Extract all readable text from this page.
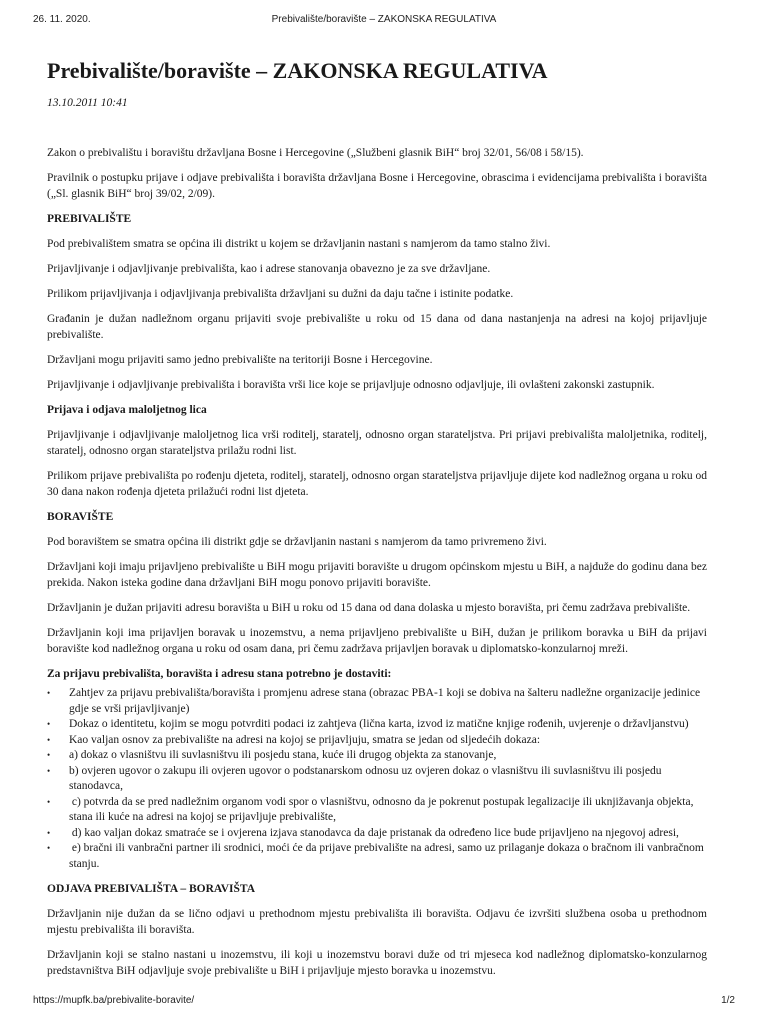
26. 11. 2020.	Prebivalište/boravište – ZAKONSKA REGULATIVA
Prebivalište/boravište – ZAKONSKA REGULATIVA
13.10.2011 10:41

Zakon o prebivalištu i boravištu državljana Bosne i Hercegovine („Službeni glasnik BiH“ broj 32/01, 56/08 i 58/15).

Pravilnik o postupku prijave i odjave prebivališta i boravišta državljana Bosne i Hercegovine, obrascima i evidencijama prebivališta i boravišta („Sl. glasnik BiH“ broj 39/02, 2/09).

PREBIVALIŠTE

Pod prebivalištem smatra se općina ili distrikt u kojem se državljanin nastani s namjerom da tamo stalno živi.

Prijavljivanje i odjavljivanje prebivališta, kao i adrese stanovanja obavezno je za sve državljane.

Prilikom prijavljivanja i odjavljivanja prebivališta državljani su dužni da daju tačne i istinite podatke.

Građanin je dužan nadležnom organu prijaviti svoje prebivalište u roku od 15 dana od dana nastanjenja na adresi na kojoj prijavljuje prebivalište.

Državljani mogu prijaviti samo jedno prebivalište na teritoriji Bosne i Hercegovine.

Prijavljivanje i odjavljivanje prebivališta i boravišta vrši lice koje se prijavljuje odnosno odjavljuje, ili ovlašteni zakonski zastupnik.

Prijava i odjava maloljetnog lica

Prijavljivanje i odjavljivanje maloljetnog lica vrši roditelj, staratelj, odnosno organ starateljstva. Pri prijavi prebivališta maloljetnika, roditelj, staratelj, odnosno organ starateljstva prilažu rodni list.

Prilikom prijave prebivališta po rođenju djeteta, roditelj, staratelj, odnosno organ starateljstva prijavljuje dijete kod nadležnog organa u roku od 30 dana nakon rođenja djeteta prilažući rodni list djeteta.

BORAVIŠTE

Pod boravištem se smatra općina ili distrikt gdje se državljanin nastani s namjerom da tamo privremeno živi.

Državljani koji imaju prijavljeno prebivalište u BiH mogu prijaviti boravište u drugom općinskom mjestu u BiH, a najduže do godinu dana bez prekida. Nakon isteka godine dana državljani BiH mogu ponovo prijaviti boravište.

Državljanin je dužan prijaviti adresu boravišta u BiH u roku od 15 dana od dana dolaska u mjesto boravišta, pri čemu zadržava prebivalište.

Državljanin koji ima prijavljen boravak u inozemstvu, a nema prijavljeno prebivalište u BiH, dužan je prilikom boravka u BiH da prijavi boravište kod nadležnog organa u roku od osam dana, pri čemu zadržava prijavljen boravak u diplomatsko-konzularnoj mreži.

Za prijavu prebivališta, boravišta i adresu stana potrebno je dostaviti:

• Zahtjev za prijavu prebivališta/boravišta i promjenu adrese stana (obrazac PBA-1 koji se dobiva na šalteru nadležne organizacije jedinice gdje se vrši prijavljivanje)
• Dokaz o identitetu, kojim se mogu potvrditi podaci iz zahtjeva (lična karta, izvod iz matične knjige rođenih, uvjerenje o državljanstvu)
• Kao valjan osnov za prebivalište na adresi na kojoj se prijavljuju, smatra se jedan od sljedećih dokaza:
• a) dokaz o vlasništvu ili suvlasništvu ili posjedu stana, kuće ili drugog objekta za stanovanje,
• b) ovjeren ugovor o zakupu ili ovjeren ugovor o podstanarskom odnosu uz ovjeren dokaz o vlasništvu ili suvlasništvu ili posjedu stanodavca,
• c) potvrda da se pred nadležnim organom vodi spor o vlasništvu, odnosno da je pokrenut postupak legalizacije ili uknjižavanja objekta, stana ili kuće na adresi na kojoj se prijavljuje prebivalište,
• d) kao valjan dokaz smatraće se i ovjerena izjava stanodavca da daje pristanak da određeno lice bude prijavljeno na njegovoj adresi,
• e) bračni ili vanbračni partner ili srodnici, moći će da prijave prebivalište na adresi, samo uz prilaganje dokaza o bračnom ili vanbračnom stanju.

ODJAVA PREBIVALIŠTA – BORAVIŠTA

Državljanin nije dužan da se lično odjavi u prethodnom mjestu prebivališta ili boravišta. Odjavu će izvršiti službena osoba u prethodnom mjestu prebivališta ili boravišta.

Državljanin koji se stalno nastani u inozemstvu, ili koji u inozemstvu boravi duže od tri mjeseca kod nadležnog diplomatsko-konzularnog predstavništva BiH odjavljuje svoje prebivalište u BiH i prijavljuje mjesto boravka u inozemstvu.

https://mupfk.ba/prebivalite-boravite/	1/2
